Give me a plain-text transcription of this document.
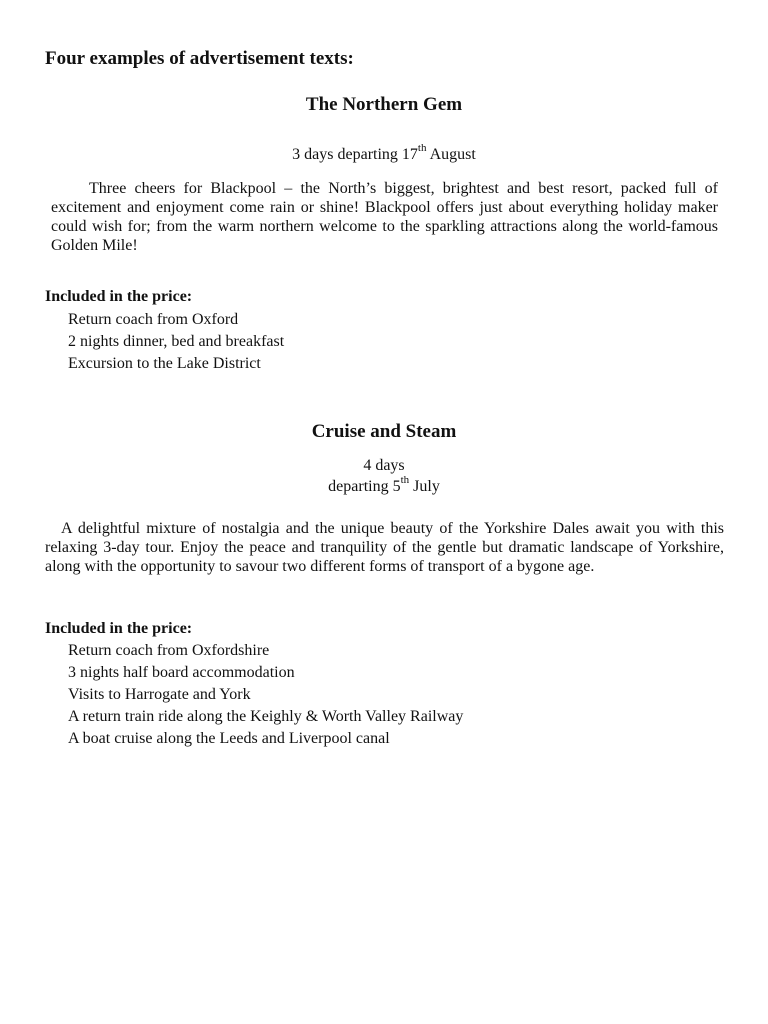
Four examples of advertisement texts:
The Northern Gem
3 days departing 17th August

Three cheers for Blackpool – the North’s biggest, brightest and best resort, packed full of excitement and enjoyment come rain or shine! Blackpool offers just about everything holiday maker could wish for; from the warm northern welcome to the sparkling attractions along the world-famous Golden Mile!

Included in the price:
Return coach from Oxford
2 nights dinner, bed and breakfast
Excursion to the Lake District
Cruise and Steam
4 days
departing 5th July

A delightful mixture of nostalgia and the unique beauty of the Yorkshire Dales await you with this relaxing 3-day tour. Enjoy the peace and tranquility of the gentle but dramatic landscape of Yorkshire, along with the opportunity to savour two different forms of transport of a bygone age.

Included in the price:
Return coach from Oxfordshire
3 nights half board accommodation
Visits to Harrogate and York
A return train ride along the Keighly & Worth Valley Railway
A boat cruise along the Leeds and Liverpool canal
